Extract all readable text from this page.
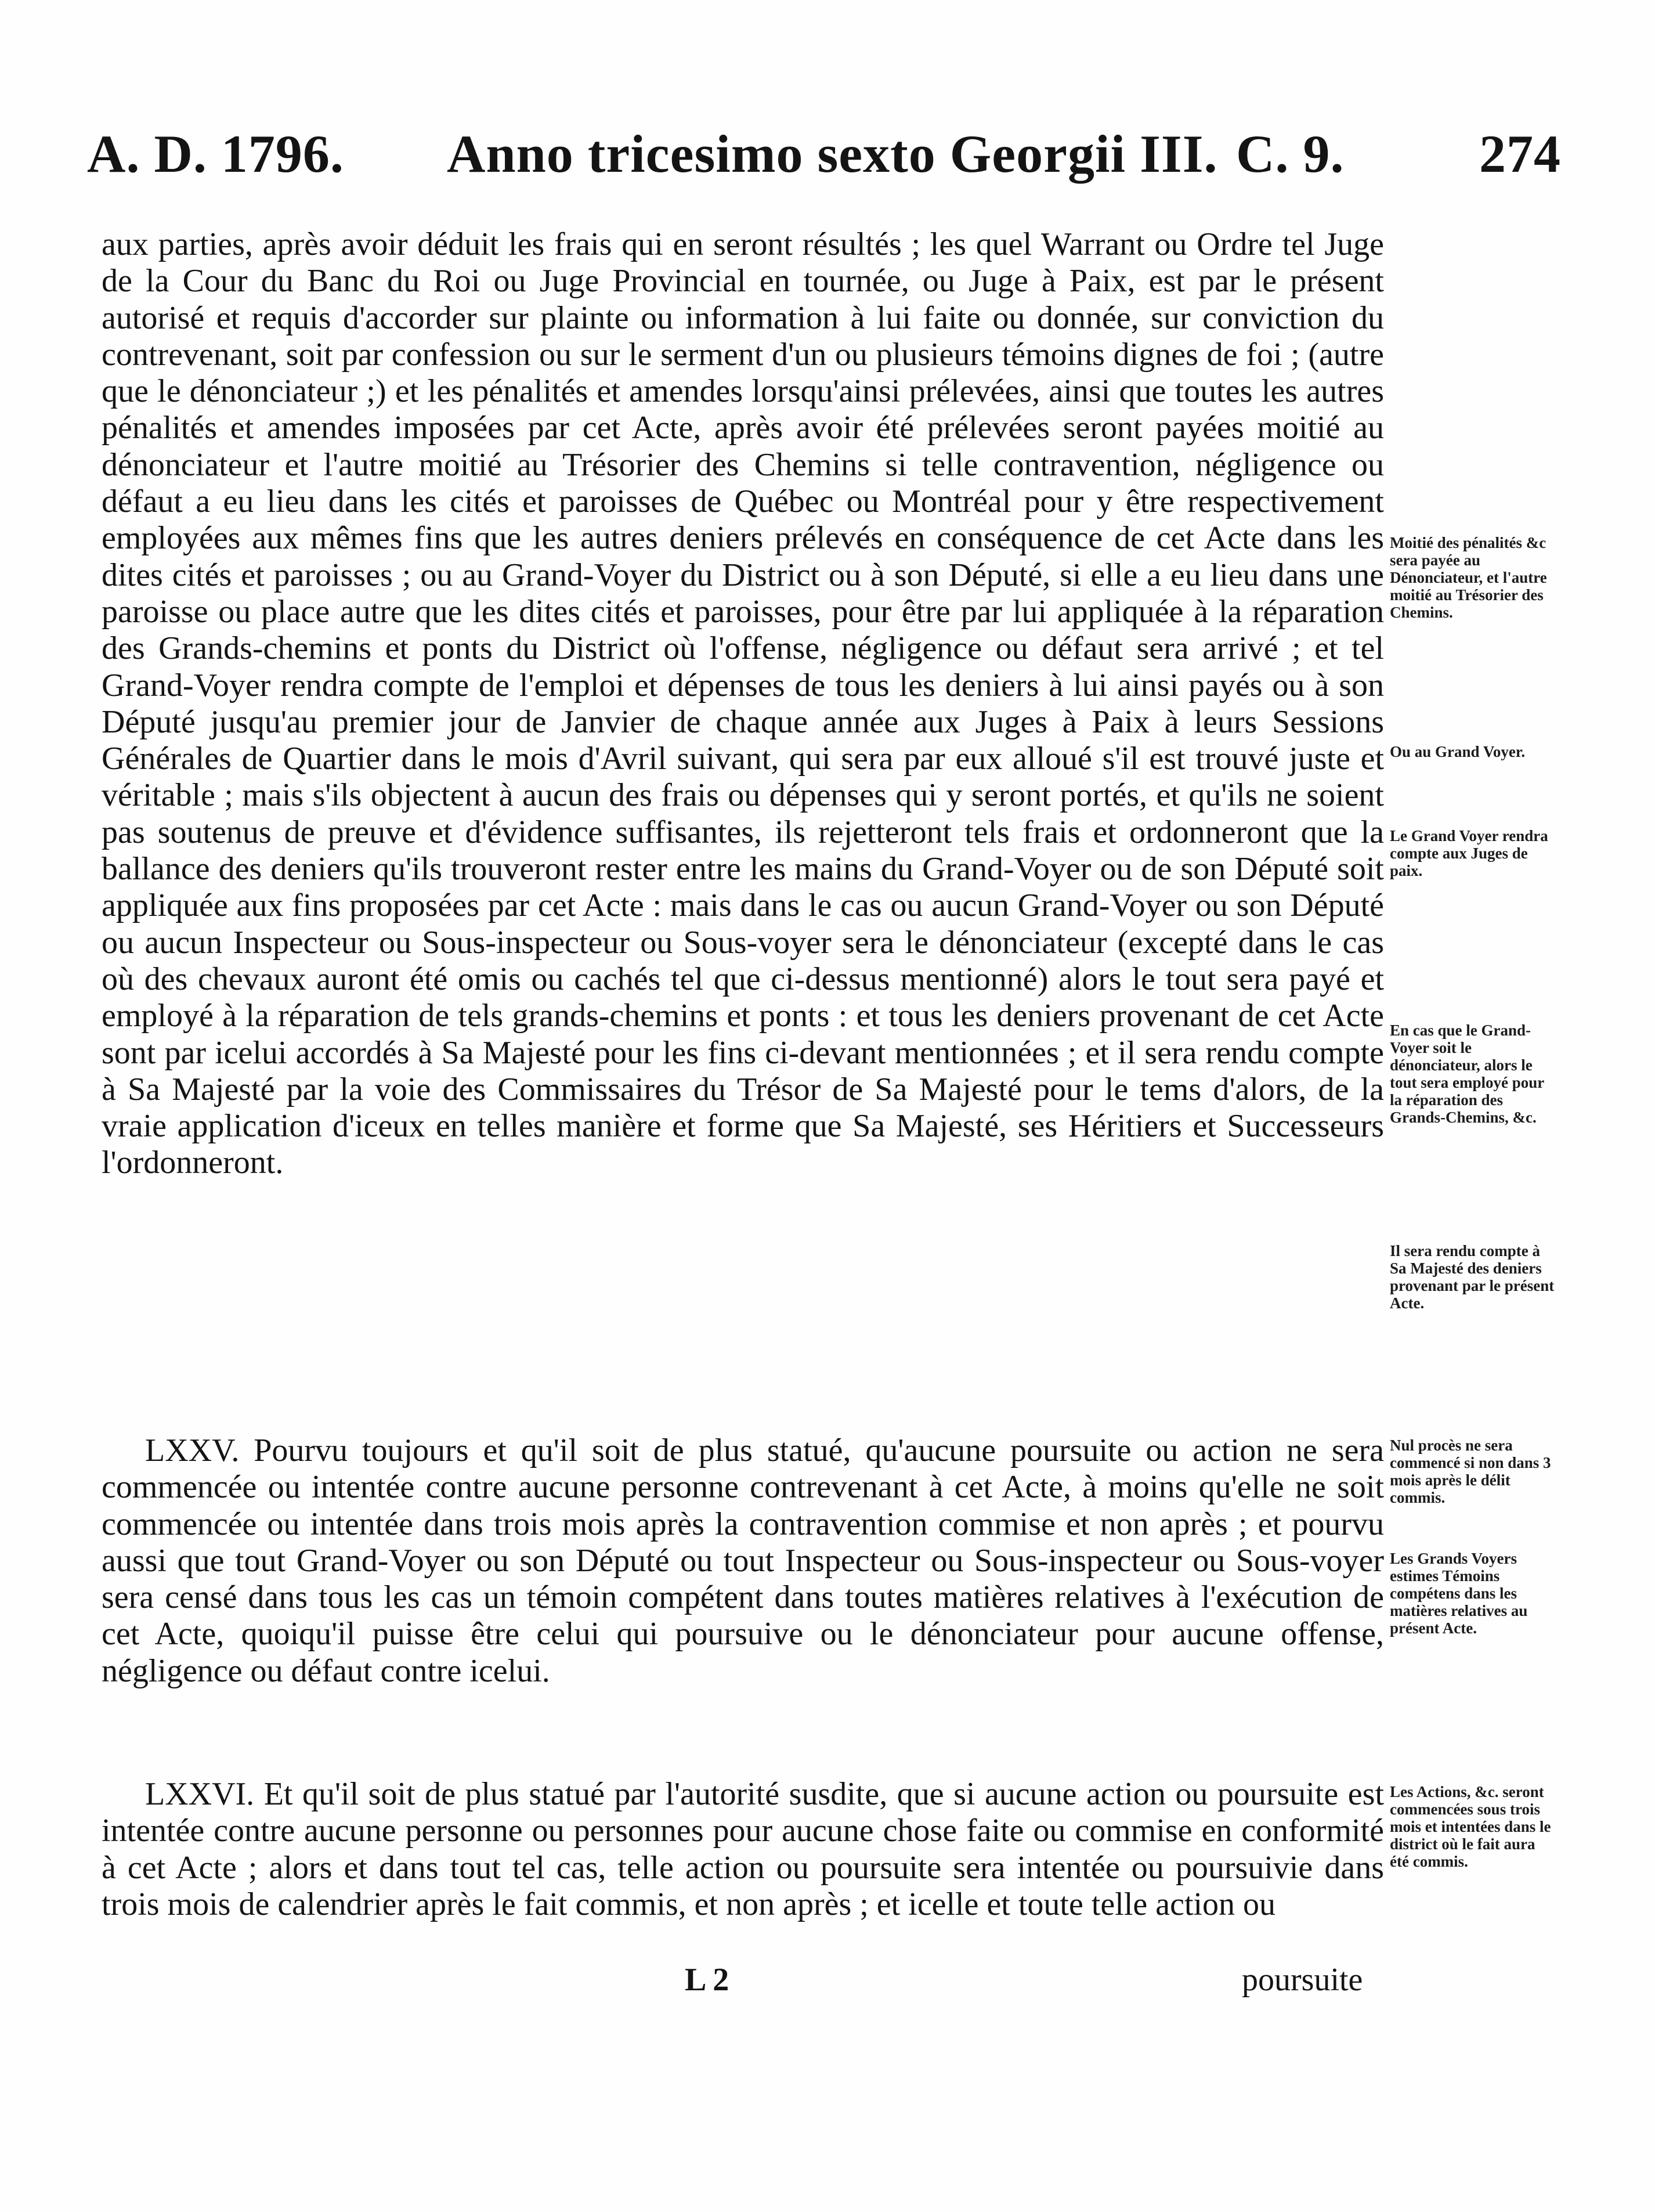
A. D. 1796. Anno tricesimo sexto Georgii III. C. 9.	274

aux parties, après avoir déduit les frais qui en seront résultés ; les quel Warrant ou Ordre tel Juge de la Cour du Banc du Roi ou Juge Provincial en tournée, ou Juge à Paix, est par le présent autorisé et requis d'accorder sur plainte ou information à lui faite ou donnée, sur conviction du contrevenant, soit par confession ou sur le serment d'un ou plusieurs témoins dignes de foi ; (autre que le dénonciateur ;) et les pénalités et amendes lorsqu'ainsi prélevées, ainsi que toutes les autres pénalités et amendes imposées par cet Acte, après avoir été prélevées seront payées moitié au dénonciateur et l'autre moitié au Trésorier des Chemins si telle contravention, négligence ou défaut a eu lieu dans les cités et paroisses de Québec ou Montréal pour y être respectivement employées aux mêmes fins que les autres deniers prélevés en conséquence de cet Acte dans les dites cités et paroisses ; ou au Grand-Voyer du District ou à son Député, si elle a eu lieu dans une paroisse ou place autre que les dites cités et paroisses, pour être par lui appliquée à la réparation des Grands-chemins et ponts du District où l'offense, négligence ou défaut sera arrivé ; et tel Grand-Voyer rendra compte de l'emploi et dépenses de tous les deniers à lui ainsi payés ou à son Député jusqu'au premier jour de Janvier de chaque année aux Juges à Paix à leurs Sessions Générales de Quartier dans le mois d'Avril suivant, qui sera par eux alloué s'il est trouvé juste et véritable ; mais s'ils objectent à aucun des frais ou dépenses qui y seront portés, et qu'ils ne soient pas soutenus de preuve et d'évidence suffisantes, ils rejetteront tels frais et ordonneront que la ballance des deniers qu'ils trouveront rester entre les mains du Grand-Voyer ou de son Député soit appliquée aux fins proposées par cet Acte : mais dans le cas ou aucun Grand-Voyer ou son Député ou aucun Inspecteur ou Sous-inspecteur ou Sous-voyer sera le dénonciateur (excepté dans le cas où des chevaux auront été omis ou cachés tel que ci-dessus mentionné) alors le tout sera payé et employé à la réparation de tels grands-chemins et ponts : et tous les deniers provenant de cet Acte sont par icelui accordés à Sa Majesté pour les fins ci-devant mentionnées ; et il sera rendu compte à Sa Majesté par la voie des Commissaires du Trésor de Sa Majesté pour le tems d'alors, de la vraie application d'iceux en telles manière et forme que Sa Majesté, ses Héritiers et Successeurs l'ordonneront.

LXXV. Pourvu toujours et qu'il soit de plus statué, qu'aucune poursuite ou action ne sera commencée ou intentée contre aucune personne contrevenant à cet Acte, à moins qu'elle ne soit commencée ou intentée dans trois mois après la contravention commise et non après ; et pourvu aussi que tout Grand-Voyer ou son Député ou tout Inspecteur ou Sous-inspecteur ou Sous-voyer sera censé dans tous les cas un témoin compétent dans toutes matières relatives à l'exécution de cet Acte, quoiqu'il puisse être celui qui poursuive ou le dénonciateur pour aucune offense, négligence ou défaut contre icelui.

LXXVI. Et qu'il soit de plus statué par l'autorité susdite, que si aucune action ou poursuite est intentée contre aucune personne ou personnes pour aucune chose faite ou commise en conformité à cet Acte ; alors et dans tout tel cas, telle action ou poursuite sera intentée ou poursuivie dans trois mois de calendrier après le fait commis, et non après ; et icelle et toute telle action ou

Moitié des pénalités &c sera payée au Dénonciateur, et l'autre moitié au Trésorier des Chemins.
Ou au Grand Voyer.
Le Grand Voyer rendra compte aux Juges de paix.
En cas que le Grand-Voyer soit le dénonciateur, alors le tout sera employé pour la réparation des Grands-Chemins, &c.
Il sera rendu compte à Sa Majesté des deniers provenant par le présent Acte.
Nul procès ne sera commencé si non dans 3 mois après le délit commis.
Les Grands Voyers estimes Témoins compétens dans les matières relatives au présent Acte.
Les Actions, &c. seront commencées sous trois mois et intentées dans le district où le fait aura été commis.
L 2	poursuite
